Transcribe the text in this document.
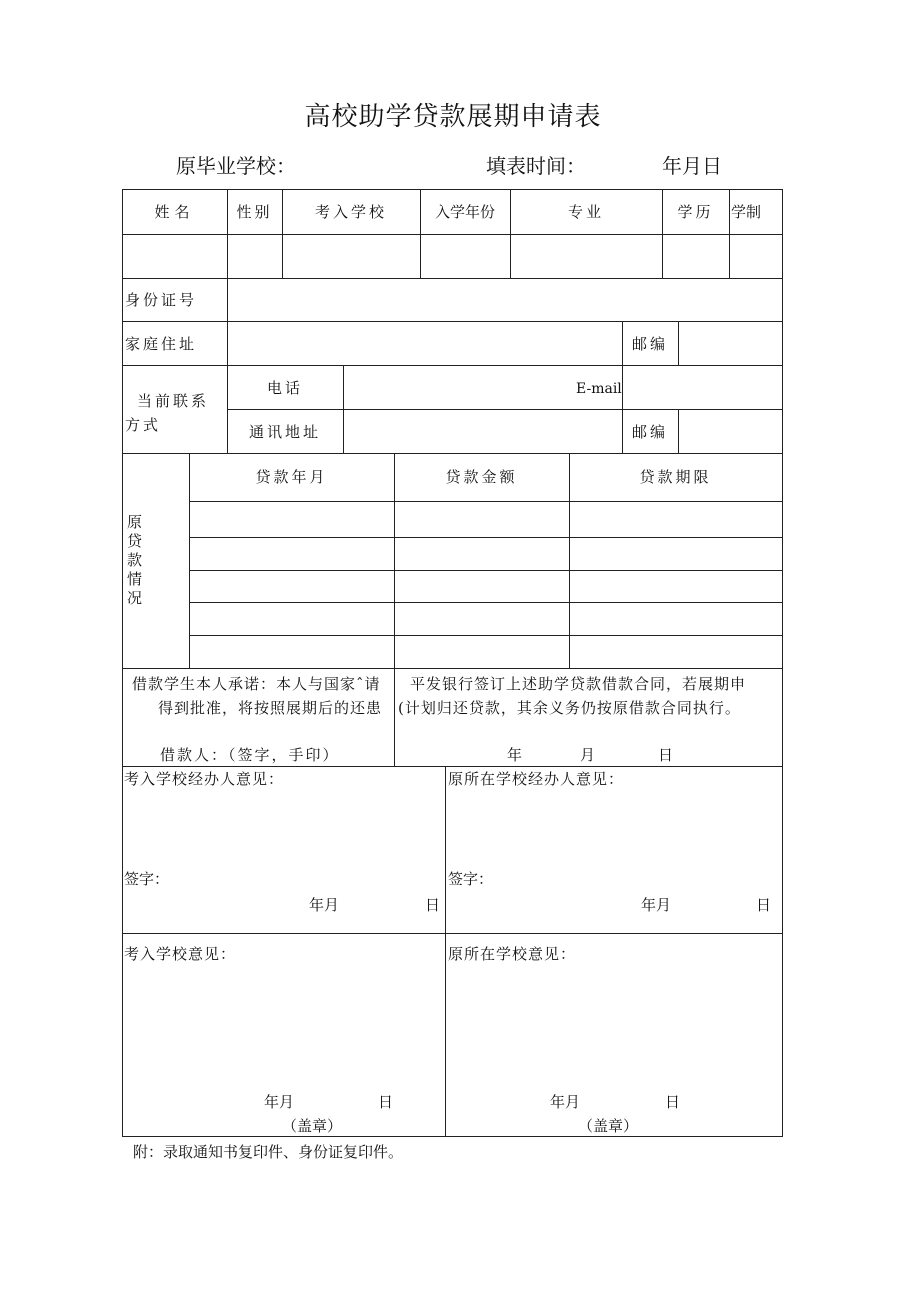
高校助学贷款展期申请表
原毕业学校：	填表时间：	年月日
姓名	性别	考入学校	入学年份	专业	学历	学制
身份证号
家庭住址	邮编
当前联系方式
电话	E-mail
通讯地址	邮编
原贷款情况
贷款年月	贷款金额	贷款期限
借款学生本人承诺：本人与国家ˆ请
得到批准，将按照展期后的还患
平发银行签订上述助学贷款借款合同，若展期申
(计划归还贷款，其余义务仍按原借款合同执行。
借款人：（签字，手印）	年	月	日
考入学校经办人意见：	原所在学校经办人意见：
签字：	签字：
年月	日	年月	日
考入学校意见：	原所在学校意见：
年月	日	年月	日
（盖章）	（盖章）
附：录取通知书复印件、身份证复印件。
